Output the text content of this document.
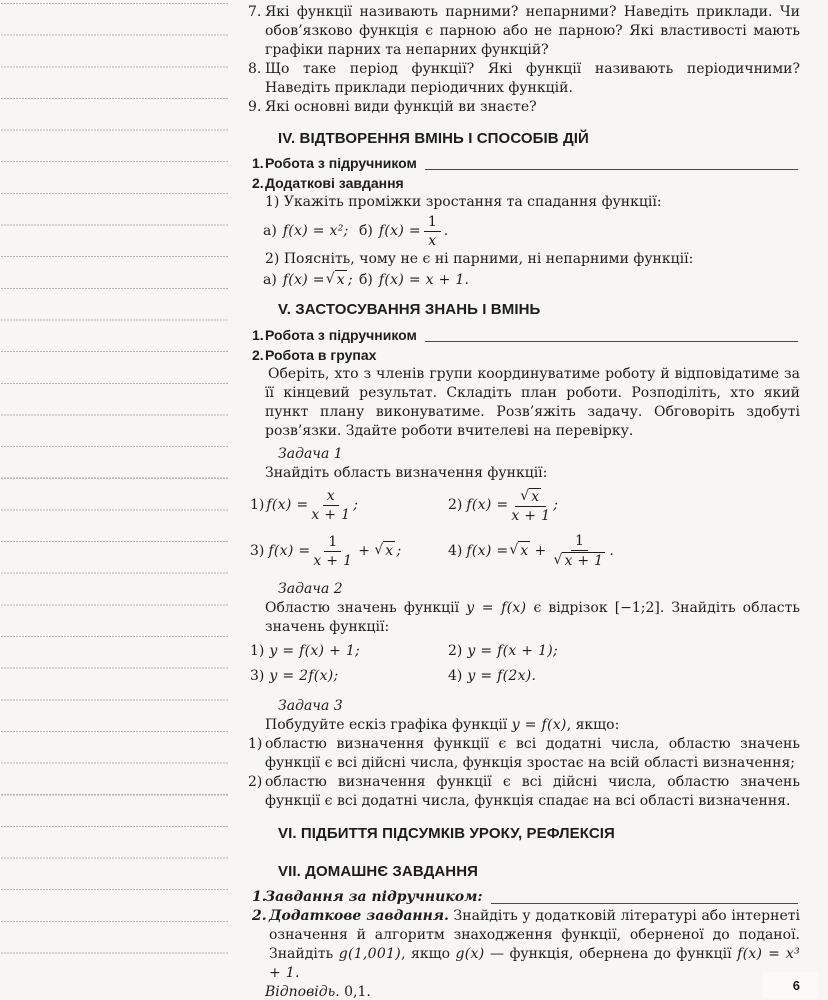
7. Які функції називають парними? непарними? Наведіть приклади. Чи обов’язково функція є парною або не парною? Які властивості мають графіки парних та непарних функцій?
8. Що таке період функції? Які функції називають періодичними? Наведіть приклади періодичних функцій.
9. Які основні види функцій ви знаєте?
IV. ВІДТВОРЕННЯ ВМІНЬ І СПОСОБІВ ДІЙ
1. Робота з підручником
2. Додаткові завдання
1) Укажіть проміжки зростання та спадання функції:
а) f(x) = x²; б) $f(x) = \frac{1}{x}$ .
2) Поясніть, чому не є ні парними, ні непарними функції:
а) f(x) = √ x ; б) f(x) = x + 1.
V. ЗАСТОСУВАННЯ ЗНАНЬ І ВМІНЬ
1. Робота з підручником
2. Робота в групах
Оберіть, хто з членів групи координуватиме роботу й відповідатиме за її кінцевий результат. Складіть план роботи. Розподіліть, хто який пункт плану виконуватиме. Розв’яжіть задачу. Обговоріть здобуті розв’язки. Здайте роботи вчителеві на перевірку.
Задача 1
Знайдіть область визначення функції:
1) $f(x) = \frac{x}{x + 1}$ ;	2) $f(x) = \frac{√ x}{x + 1}$ ;
3) $f(x) = \frac{1}{x + 1}$ + √ x ;	4) f(x) = √ $x + \frac{1}{√ x + 1}$ .
Задача 2
Областю значень функції y = f(x) є відрізок [−1;2]. Знайдіть область значень функції:
1) y = f(x) + 1;	2) y = f(x + 1);
3) y = 2f(x);	4) y = f(2x).
Задача 3
Побудуйте ескіз графіка функції y = f(x), якщо:
1) областю визначення функції є всі додатні числа, областю значень функції є всі дійсні числа, функція зростає на всій області визначення;
2) областю визначення функції є всі дійсні числа, областю значень функції є всі додатні числа, функція спадає на всі області визначення.
VI. ПІДБИТТЯ ПІДСУМКІВ УРОКУ, РЕФЛЕКСІЯ
VII. ДОМАШНЄ ЗАВДАННЯ
1.
Завдання за підручником:
2. Додаткове завдання. Знайдіть у додатковій літературі або інтернеті означення й алгоритм знаходження функції, оберненої до поданої. Знайдіть g(1,001), якщо g(x) — функція, обернена до функції f(x) = x³ + 1.
Відповідь. 0,1.	6
